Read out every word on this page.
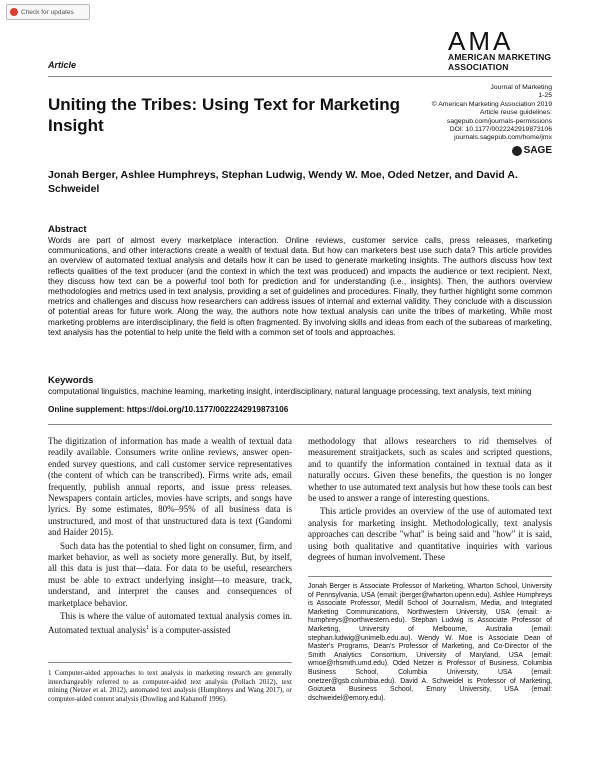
Check for updates
AMA
AMERICAN MARKETING
ASSOCIATION
Article
Uniting the Tribes: Using Text for Marketing Insight
Journal of Marketing
1-25
© American Marketing Association 2019
Article reuse guidelines:
sagepub.com/journals-permissions
DOI: 10.1177/0022242919873106
journals.sagepub.com/home/jmx
SAGE
Jonah Berger, Ashlee Humphreys, Stephan Ludwig, Wendy W. Moe, Oded Netzer, and David A. Schweidel
Abstract
Words are part of almost every marketplace interaction. Online reviews, customer service calls, press releases, marketing communications, and other interactions create a wealth of textual data. But how can marketers best use such data? This article provides an overview of automated textual analysis and details how it can be used to generate marketing insights. The authors discuss how text reflects qualities of the text producer (and the context in which the text was produced) and impacts the audience or text recipient. Next, they discuss how text can be a powerful tool both for prediction and for understanding (i.e., insights). Then, the authors overview methodologies and metrics used in text analysis, providing a set of guidelines and procedures. Finally, they further highlight some common metrics and challenges and discuss how researchers can address issues of internal and external validity. They conclude with a discussion of potential areas for future work. Along the way, the authors note how textual analysis can unite the tribes of marketing. While most marketing problems are interdisciplinary, the field is often fragmented. By involving skills and ideas from each of the subareas of marketing, text analysis has the potential to help unite the field with a common set of tools and approaches.
Keywords
computational linguistics, machine learning, marketing insight, interdisciplinary, natural language processing, text analysis, text mining
Online supplement: https://doi.org/10.1177/0022242919873106

The digitization of information has made a wealth of textual data readily available. Consumers write online reviews, answer open-ended survey questions, and call customer service representatives (the content of which can be transcribed). Firms write ads, email frequently, publish annual reports, and issue press releases. Newspapers contain articles, movies have scripts, and songs have lyrics. By some estimates, 80%–95% of all business data is unstructured, and most of that unstructured data is text (Gandomi and Haider 2015).

Such data has the potential to shed light on consumer, firm, and market behavior, as well as society more generally. But, by itself, all this data is just that—data. For data to be useful, researchers must be able to extract underlying insight—to measure, track, understand, and interpret the causes and consequences of marketplace behavior.

This is where the value of automated textual analysis comes in. Automated textual analysis$^1$ is a computer-assisted

methodology that allows researchers to rid themselves of measurement straitjackets, such as scales and scripted questions, and to quantify the information contained in textual data as it naturally occurs. Given these benefits, the question is no longer whether to use automated text analysis but how these tools can best be used to answer a range of interesting questions.

This article provides an overview of the use of automated text analysis for marketing insight. Methodologically, text analysis approaches can describe "what" is being said and "how" it is said, using both qualitative and quantitative inquiries with various degrees of human involvement. These

1 Computer-aided approaches to text analysis in marketing research are generally interchangeably referred to as computer-aided text analysis (Pollach 2012), text mining (Netzer et al. 2012), automated text analysis (Humphreys and Wang 2017), or computer-aided content analysis (Dowling and Kabanoff 1996).
Jonah Berger is Associate Professor of Marketing, Wharton School, University of Pennsylvania, USA (email: jberger@wharton.upenn.edu). Ashlee Humphreys is Associate Professor, Medill School of Journalism, Media, and Integrated Marketing Communications, Northwestern University, USA (email: a-humphreys@northwestern.edu). Stephan Ludwig is Associate Professor of Marketing, University of Melbourne, Australia (email: stephan.ludwig@unimelb.edu.au). Wendy W. Moe is Associate Dean of Master's Programs, Dean's Professor of Marketing, and Co-Director of the Smith Analytics Consortium, University of Maryland, USA (email: wmoe@rhsmith.umd.edu). Oded Netzer is Professor of Business, Columbia Business School, Columbia University, USA (email: onetzer@gsb.columbia.edu). David A. Schweidel is Professor of Marketing, Goizueta Business School, Emory University, USA (email: dschweidel@emory.edu).
